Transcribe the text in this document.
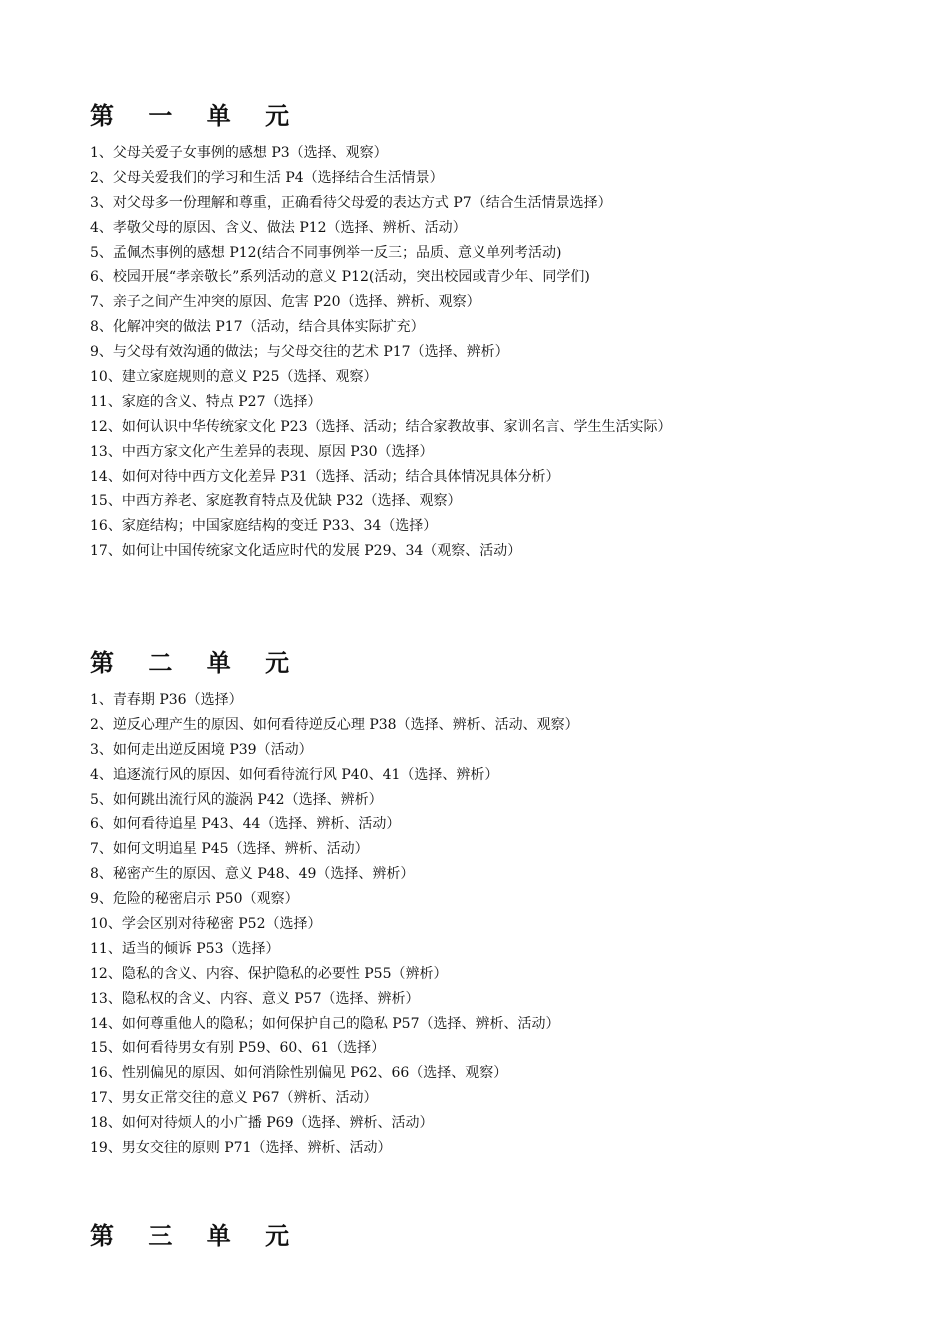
第 一 单 元
1、父母关爱子女事例的感想 P3（选择、观察）
2、父母关爱我们的学习和生活 P4（选择结合生活情景）
3、对父母多一份理解和尊重，正确看待父母爱的表达方式 P7（结合生活情景选择）
4、孝敬父母的原因、含义、做法 P12（选择、辨析、活动）
5、孟佩杰事例的感想 P12(结合不同事例举一反三；品质、意义单列考活动)
6、校园开展“孝亲敬长”系列活动的意义 P12(活动，突出校园或青少年、同学们)
7、亲子之间产生冲突的原因、危害 P20（选择、辨析、观察）
8、化解冲突的做法 P17（活动，结合具体实际扩充）
9、与父母有效沟通的做法；与父母交往的艺术 P17（选择、辨析）
10、建立家庭规则的意义 P25（选择、观察）
11、家庭的含义、特点 P27（选择）
12、如何认识中华传统家文化 P23（选择、活动；结合家教故事、家训名言、学生生活实际）
13、中西方家文化产生差异的表现、原因 P30（选择）
14、如何对待中西方文化差异 P31（选择、活动；结合具体情况具体分析）
15、中西方养老、家庭教育特点及优缺 P32（选择、观察）
16、家庭结构；中国家庭结构的变迁 P33、34（选择）
17、如何让中国传统家文化适应时代的发展 P29、34（观察、活动）
第 二 单 元
1、青春期 P36（选择）
2、逆反心理产生的原因、如何看待逆反心理 P38（选择、辨析、活动、观察）
3、如何走出逆反困境 P39（活动）
4、追逐流行风的原因、如何看待流行风 P40、41（选择、辨析）
5、如何跳出流行风的漩涡 P42（选择、辨析）
6、如何看待追星 P43、44（选择、辨析、活动）
7、如何文明追星 P45（选择、辨析、活动）
8、秘密产生的原因、意义 P48、49（选择、辨析）
9、危险的秘密启示 P50（观察）
10、学会区别对待秘密 P52（选择）
11、适当的倾诉 P53（选择）
12、隐私的含义、内容、保护隐私的必要性 P55（辨析）
13、隐私权的含义、内容、意义 P57（选择、辨析）
14、如何尊重他人的隐私；如何保护自己的隐私 P57（选择、辨析、活动）
15、如何看待男女有别 P59、60、61（选择）
16、性别偏见的原因、如何消除性别偏见 P62、66（选择、观察）
17、男女正常交往的意义 P67（辨析、活动）
18、如何对待烦人的小广播 P69（选择、辨析、活动）
19、男女交往的原则 P71（选择、辨析、活动）
第 三 单 元
